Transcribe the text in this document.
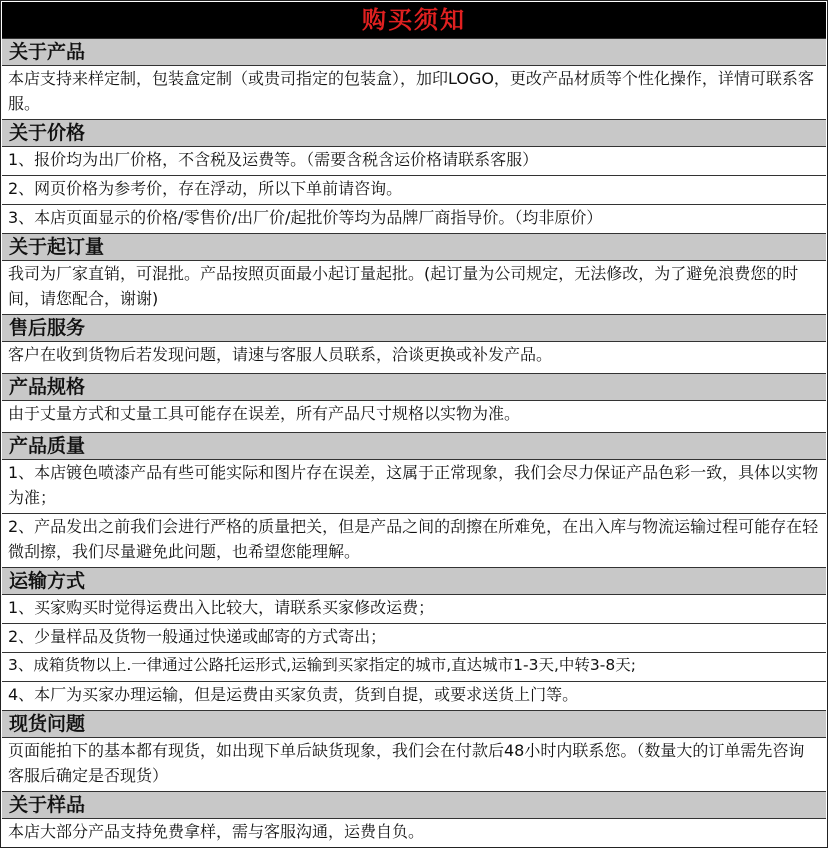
购买须知
关于产品
本店支持来样定制，包装盒定制（或贵司指定的包装盒），加印LOGO，更改产品材质等个性化操作，详情可联系客服。
关于价格
1、报价均为出厂价格，不含税及运费等。（需要含税含运价格请联系客服）
2、网页价格为参考价，存在浮动，所以下单前请咨询。
3、本店页面显示的价格/零售价/出厂价/起批价等均为品牌厂商指导价。（均非原价）
关于起订量
我司为厂家直销，可混批。产品按照页面最小起订量起批。(起订量为公司规定，无法修改，为了避免浪费您的时间，请您配合，谢谢)
售后服务
客户在收到货物后若发现问题，请速与客服人员联系，洽谈更换或补发产品。
产品规格
由于丈量方式和丈量工具可能存在误差，所有产品尺寸规格以实物为准。
产品质量
1、本店镀色喷漆产品有些可能实际和图片存在误差，这属于正常现象，我们会尽力保证产品色彩一致，具体以实物为准；
2、产品发出之前我们会进行严格的质量把关，但是产品之间的刮擦在所难免，在出入库与物流运输过程可能存在轻微刮擦，我们尽量避免此问题，也希望您能理解。
运输方式
1、买家购买时觉得运费出入比较大，请联系买家修改运费；
2、少量样品及货物一般通过快递或邮寄的方式寄出；
3、成箱货物以上.一律通过公路托运形式,运输到买家指定的城市,直达城市1-3天,中转3-8天;
4、本厂为买家办理运输，但是运费由买家负责，货到自提，或要求送货上门等。
现货问题
页面能拍下的基本都有现货，如出现下单后缺货现象，我们会在付款后48小时内联系您。（数量大的订单需先咨询客服后确定是否现货）
关于样品
本店大部分产品支持免费拿样，需与客服沟通，运费自负。
